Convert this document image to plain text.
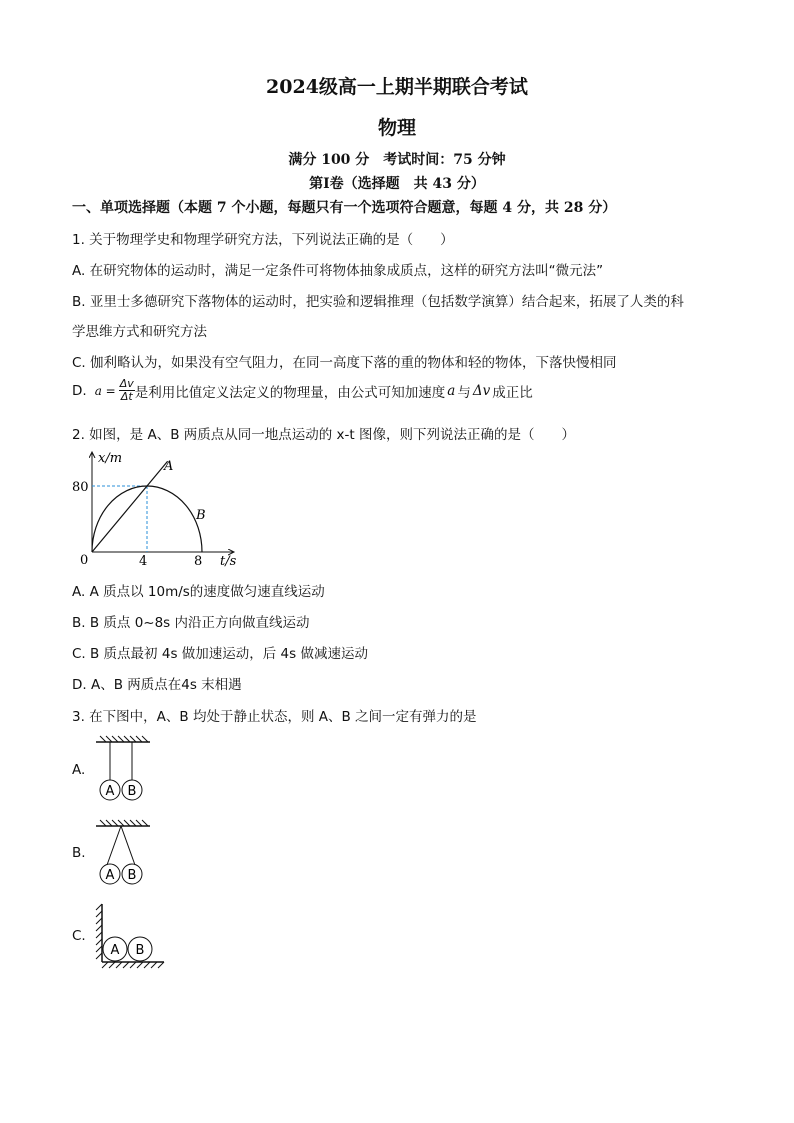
2024级高一上期半期联合考试
物理
满分 100 分　考试时间：75 分钟
第Ⅰ卷（选择题　共 43 分）
一、单项选择题（本题 7 个小题，每题只有一个选项符合题意，每题 4 分，共 28 分）
1. 关于物理学史和物理学研究方法，下列说法正确的是（　　）
A. 在研究物体的运动时，满足一定条件可将物体抽象成质点，这样的研究方法叫“微元法”
B. 亚里士多德研究下落物体的运动时，把实验和逻辑推理（包括数学演算）结合起来，拓展了人类的科
学思维方式和研究方法
C. 伽利略认为，如果没有空气阻力，在同一高度下落的重的物体和轻的物体，下落快慢相同
D. $a = \frac{\Delta v}{\Delta t}$ 是利用比值定义法定义的物理量，由公式可知加速度 a 与 Δv 成正比
2. 如图，是 A、B 两质点从同一地点运动的 x-t 图像，则下列说法正确的是（　　）
x/m
t/s
0	4	8
80
A
B
A. A 质点以 10m/s的速度做匀速直线运动
B. B 质点 0~8s 内沿正方向做直线运动
C. B 质点最初 4s 做加速运动，后 4s 做减速运动
D. A、B 两质点在4s 末相遇
3. 在下图中，A、B 均处于静止状态，则 A、B 之间一定有弹力的是
A.
A B
B.
A B
C.
A B
